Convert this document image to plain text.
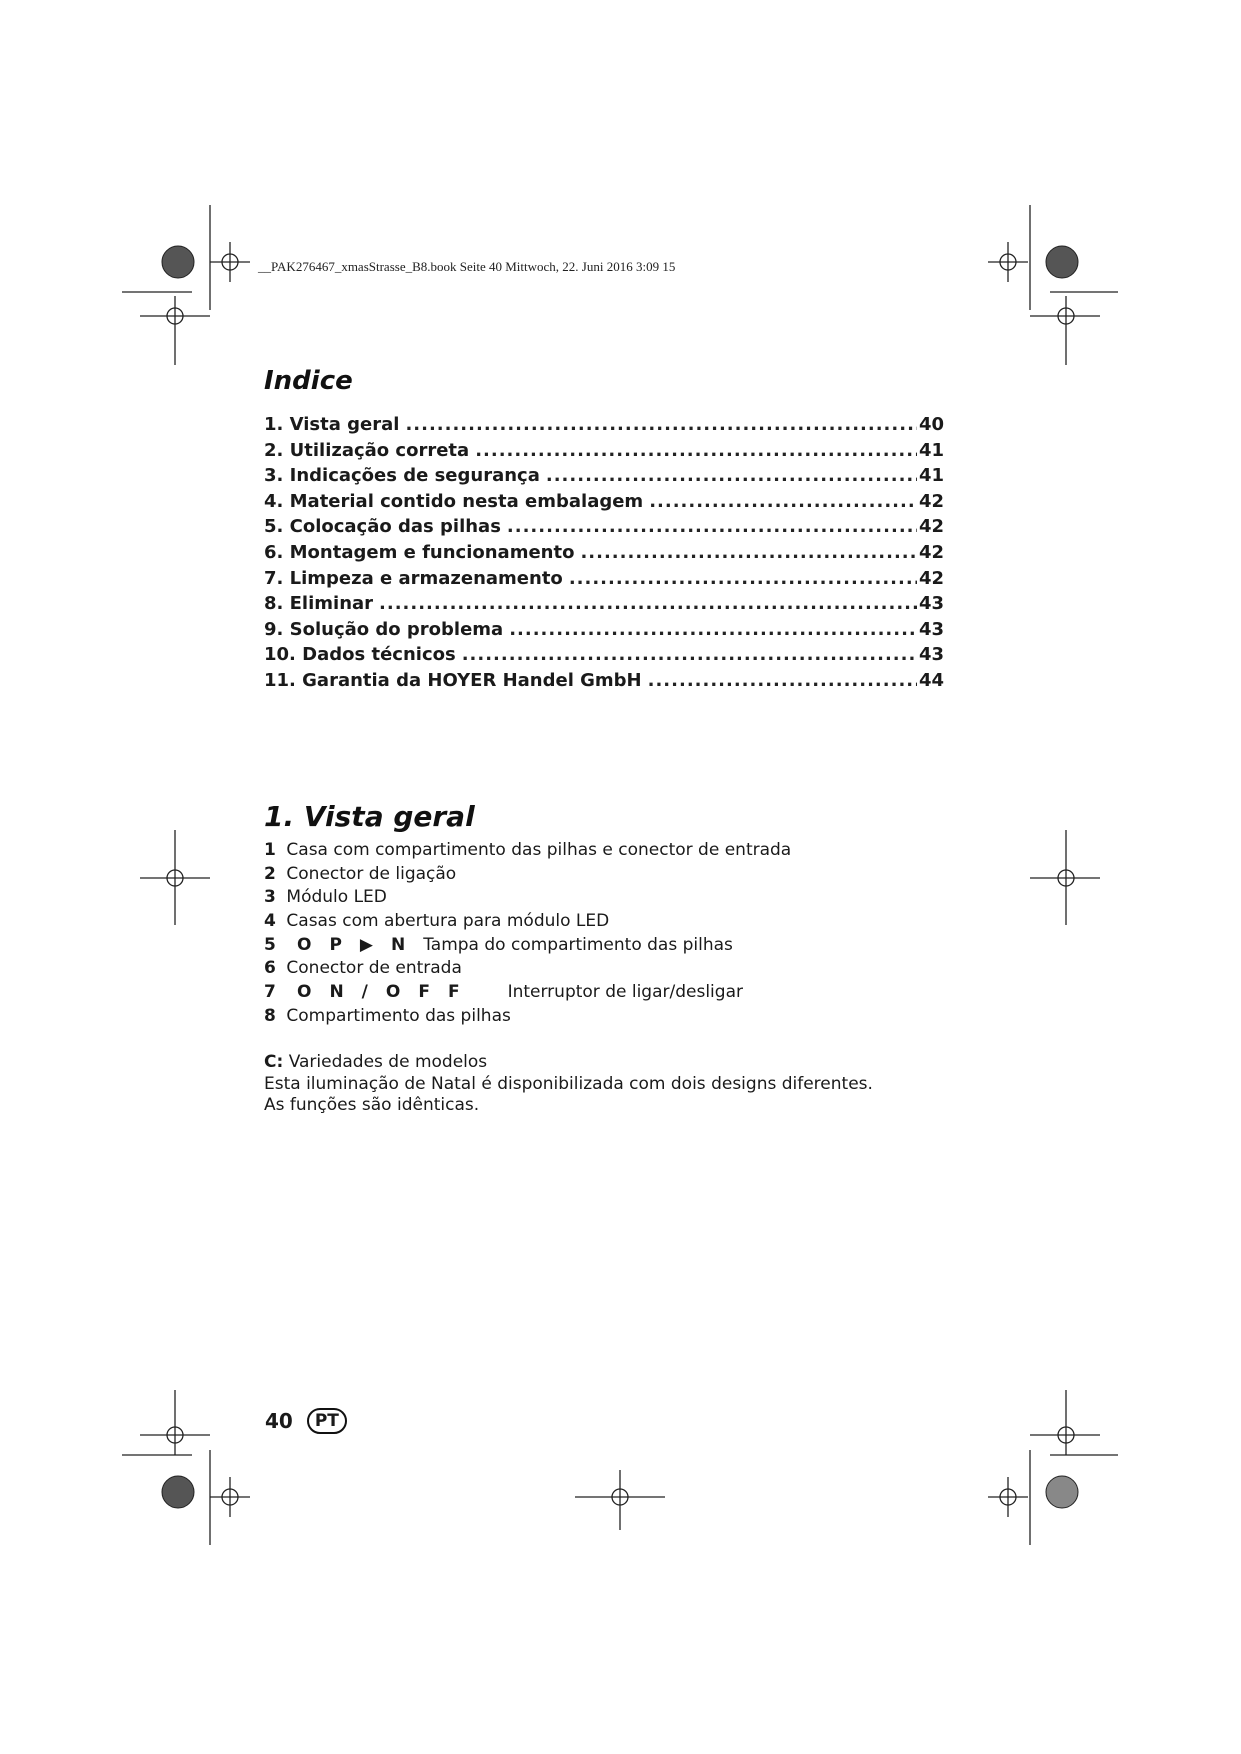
__PAK276467_xmasStrasse_B8.book Seite 40 Mittwoch, 22. Juni 2016 3:09 15
Indice
1. Vista geral .....	40
2. Utilização correta .....	41
3. Indicações de segurança .....	41
4. Material contido nesta embalagem .....	42
5. Colocação das pilhas .....	42
6. Montagem e funcionamento .....	42
7. Limpeza e armazenamento .....	42
8. Eliminar .....	43
9. Solução do problema .....	43
10. Dados técnicos .....	43
11. Garantia da HOYER Handel GmbH .....	44
1. Vista geral
1
Casa com compartimento das pilhas e conector de entrada
2
Conector de ligação
3
Módulo LED
4
Casas com abertura para módulo LED
5	OP▶N Tampa do compartimento das pilhas
6
Conector de entrada
7	ON/OFF Interruptor de ligar/desligar
8
Compartimento das pilhas
C: Variedades de modelos
Esta iluminação de Natal é disponibilizada com dois designs diferentes.
As funções são idênticas.
40	PT
